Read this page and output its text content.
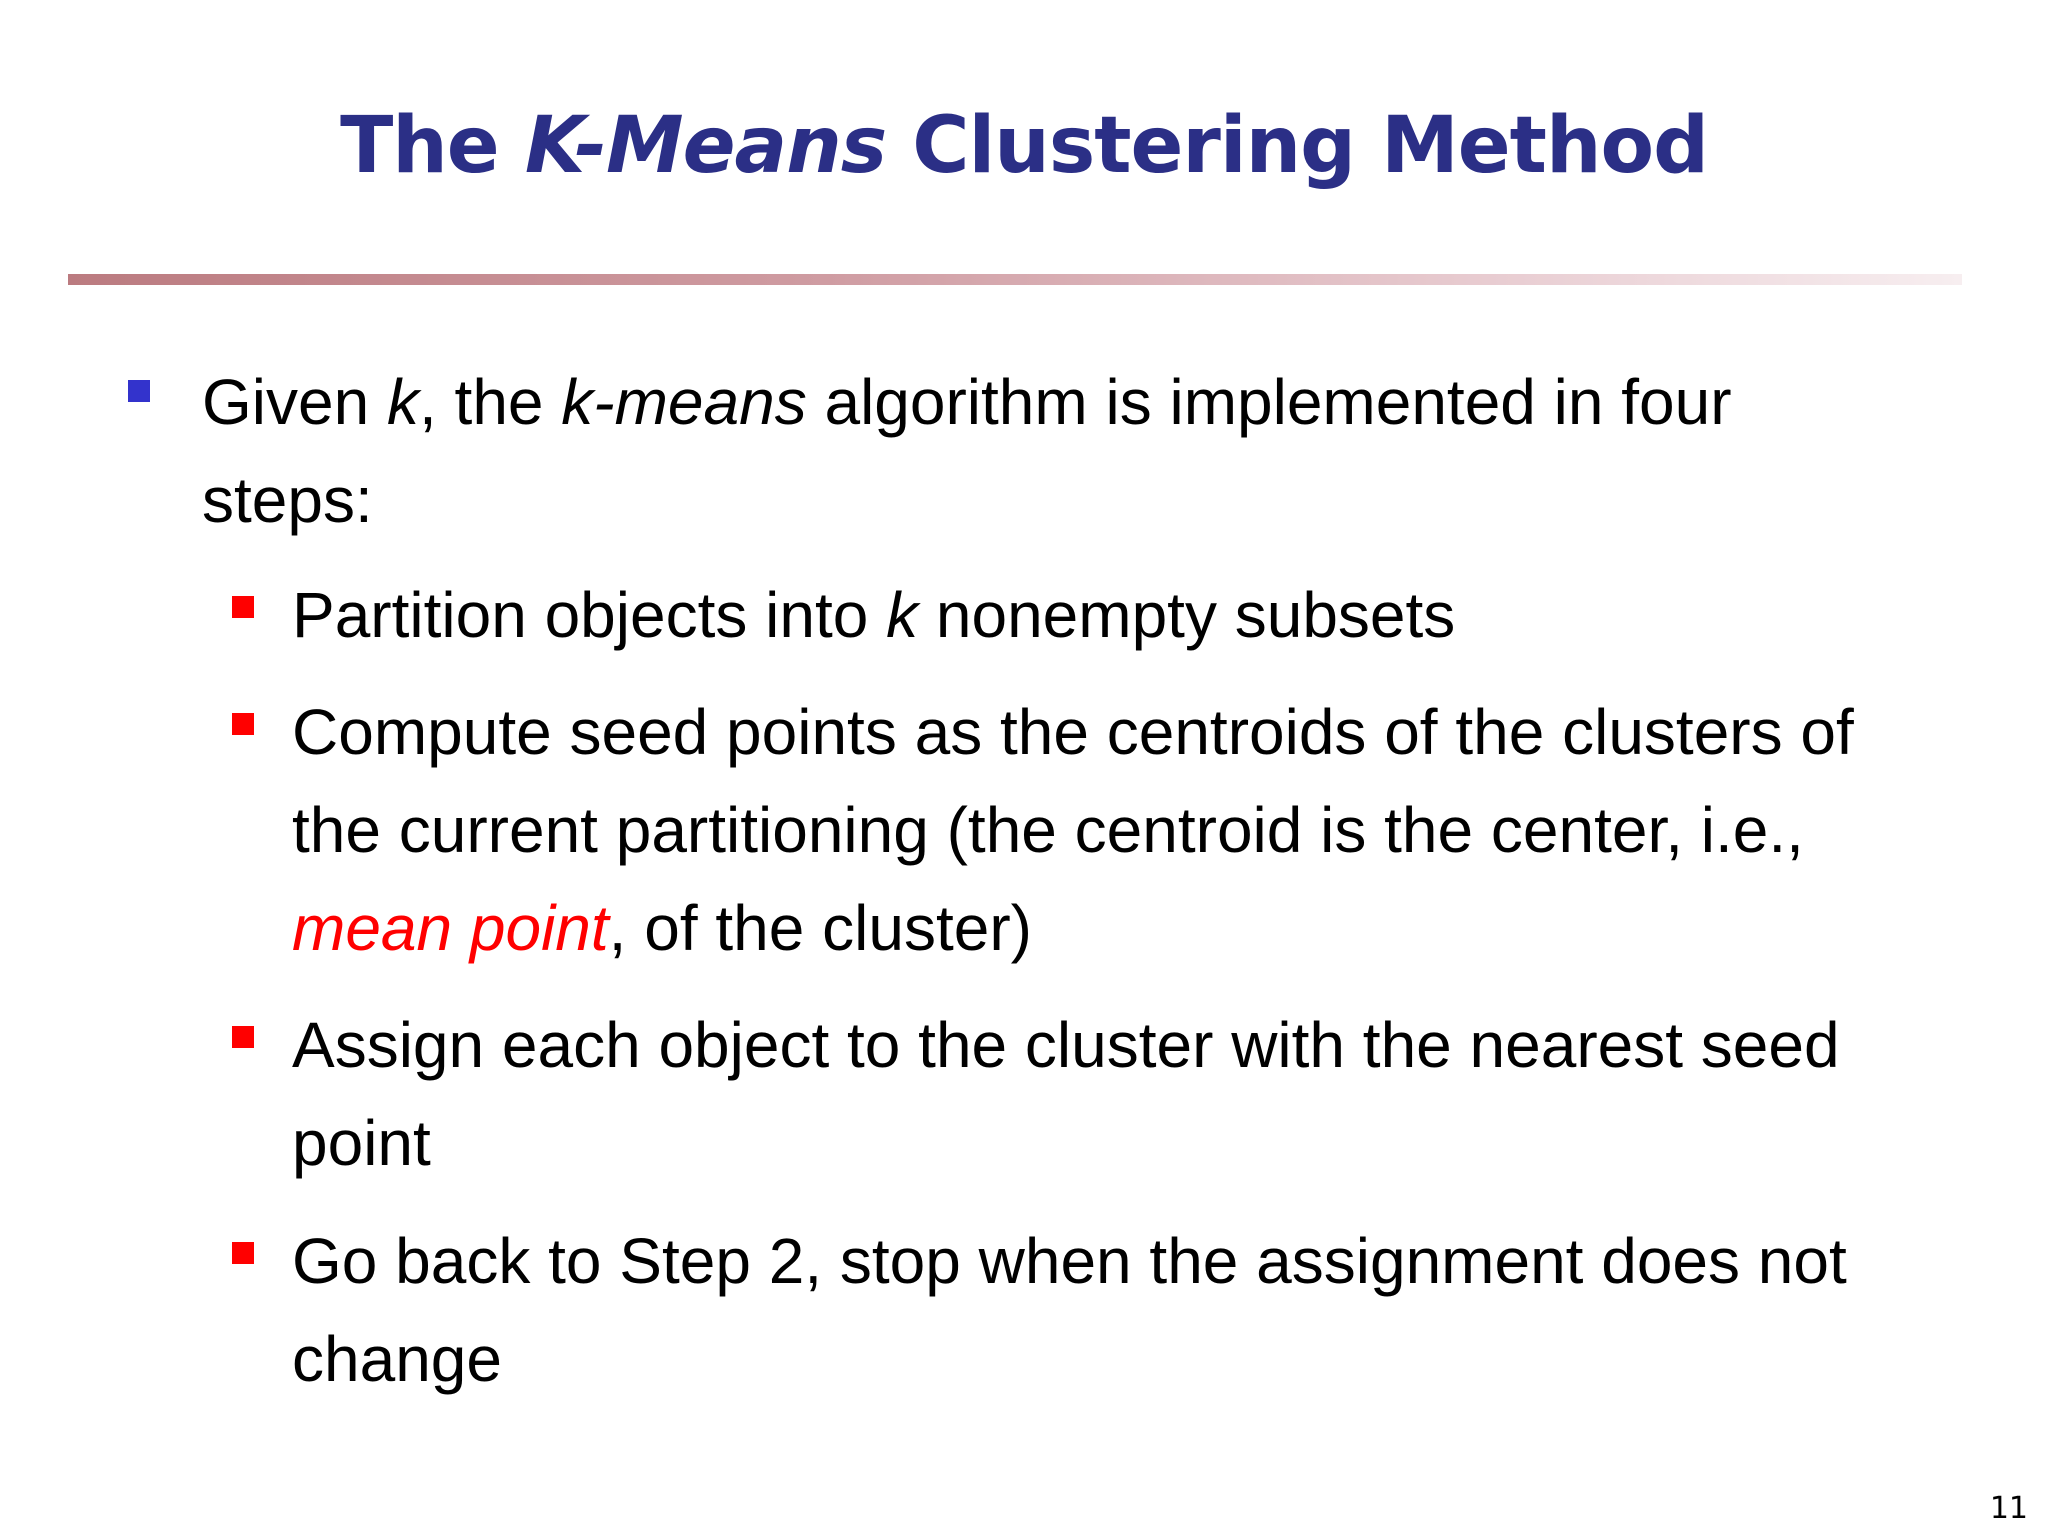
The K-Means Clustering Method
Given k, the k-means algorithm is implemented in four steps:
Partition objects into k nonempty subsets
Compute seed points as the centroids of the clusters of the current partitioning (the centroid is the center, i.e., mean point, of the cluster)
Assign each object to the cluster with the nearest seed point
Go back to Step 2, stop when the assignment does not change
11
